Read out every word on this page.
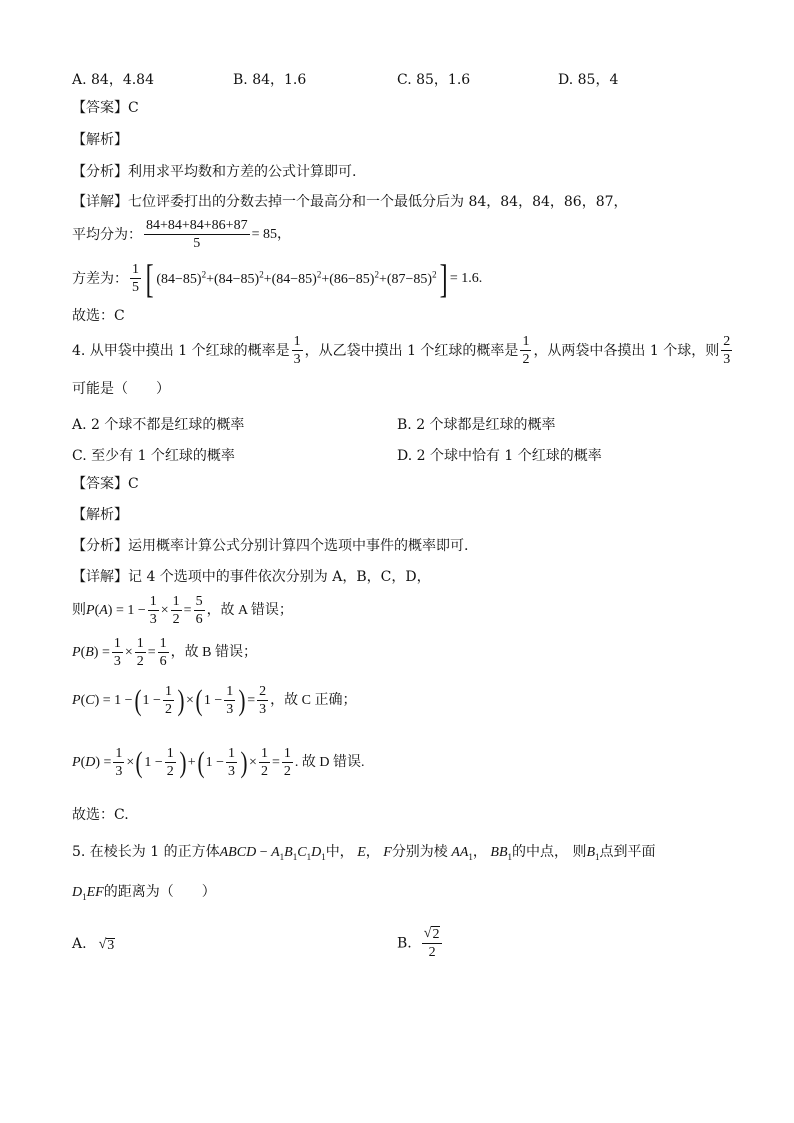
A. 84，4.84	B. 84，1.6	C. 85，1.6	D. 85，4
【答案】C
【解析】
【分析】利用求平均数和方差的公式计算即可.
【详解】七位评委打出的分数去掉一个最高分和一个最低分后为 84，84，84，86，87，
平均分为： $\frac{84+84+84+86+87}{5} = 85$，
方差为： $\frac{1}{5}$ [ $(84-85)^2+(84-85)^2+(84-85)^2+(86-85)^2+(87-85)^2] = 1.6$.
故选：C
4. 从甲袋中摸出 1 个红球的概率是 $\frac{1}{3}$ ，从乙袋中摸出 1 个红球的概率是 $\frac{1}{2}$ ，从两袋中各摸出 1 个球，则 $\frac{2}{3}$
可能是（　　）
A. 2 个球不都是红球的概率	B. 2 个球都是红球的概率
C. 至少有 1 个红球的概率	D. 2 个球中恰有 1 个红球的概率
【答案】C
【解析】
【分析】运用概率计算公式分别计算四个选项中事件的概率即可.
【详解】记 4 个选项中的事件依次分别为 A，B，C，D，
则$P(A) = 1 - \frac{1}{3} \times \frac{1}{2} = \frac{5}{6}$ ，故 A 错误；
$P(B) = \frac{1}{3} \times \frac{1}{2} = \frac{1}{6}$ ，故 B 错误；
P(C) = 1 −( $1 - \frac{1}{2}$ ) ×( $1 - \frac{1}{3}$ ) = $\frac{2}{3}$ ，故 C 正确；
$P(D) = \frac{1}{3}$ ×( $1 - \frac{1}{2}$ ) +( $1 - \frac{1}{3}$ ) × $\frac{1}{2} = \frac{1}{2}$ . 故 D 错误.
故选：C.
5. 在棱长为 1 的正方体ABCD − $A_1B_1C_1D_1$中， E， F分别为棱 $AA_1$， $BB_1$的中点， 则$B_1$点到平面
$D_1EF$的距离为（　　）
A. √ 3	B. $\frac{√ 2}{2}$
